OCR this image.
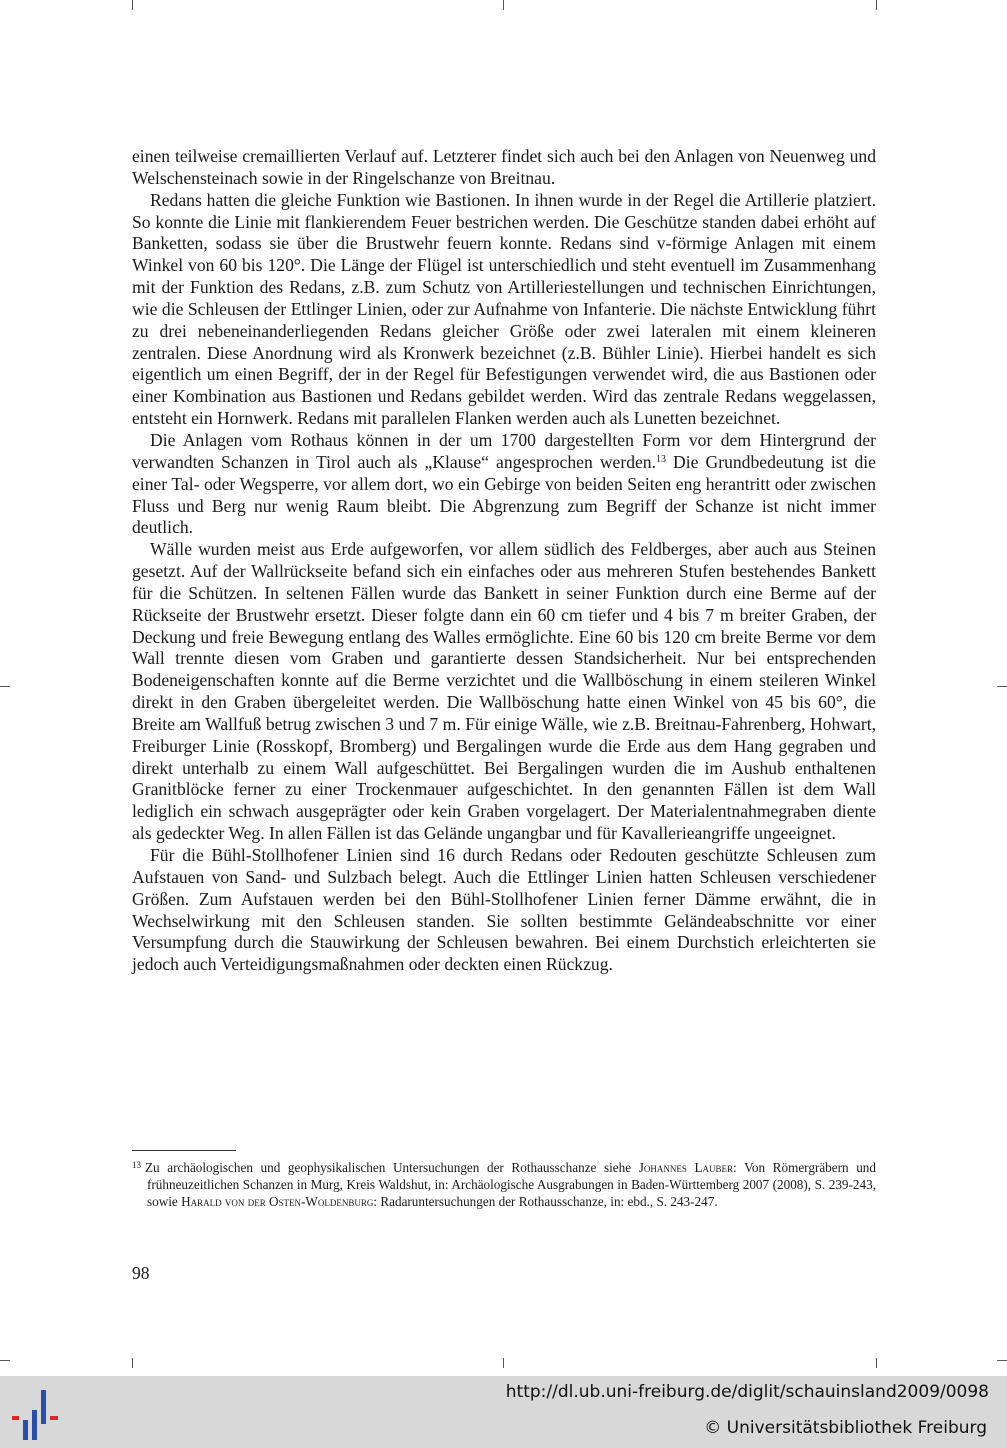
einen teilweise cremaillierten Verlauf auf. Letzterer findet sich auch bei den Anlagen von Neuenweg und Welschensteinach sowie in der Ringelschanze von Breitnau.

Redans hatten die gleiche Funktion wie Bastionen. In ihnen wurde in der Regel die Artillerie platziert. So konnte die Linie mit flankierendem Feuer bestrichen werden. Die Geschütze standen dabei erhöht auf Banketten, sodass sie über die Brustwehr feuern konnte. Redans sind v-förmige Anlagen mit einem Winkel von 60 bis 120°. Die Länge der Flügel ist unterschiedlich und steht eventuell im Zusammenhang mit der Funktion des Redans, z.B. zum Schutz von Artilleriestellungen und technischen Einrichtungen, wie die Schleusen der Ettlinger Linien, oder zur Aufnahme von Infanterie. Die nächste Entwicklung führt zu drei nebeneinanderliegenden Redans gleicher Größe oder zwei lateralen mit einem kleineren zentralen. Diese Anordnung wird als Kronwerk bezeichnet (z.B. Bühler Linie). Hierbei handelt es sich eigentlich um einen Begriff, der in der Regel für Befestigungen verwendet wird, die aus Bastionen oder einer Kombination aus Bastionen und Redans gebildet werden. Wird das zentrale Redans weggelassen, entsteht ein Hornwerk. Redans mit parallelen Flanken werden auch als Lunetten bezeichnet.

Die Anlagen vom Rothaus können in der um 1700 dargestellten Form vor dem Hintergrund der verwandten Schanzen in Tirol auch als „Klause“ angesprochen werden.$^{13}$ Die Grundbedeutung ist die einer Tal- oder Wegsperre, vor allem dort, wo ein Gebirge von beiden Seiten eng herantritt oder zwischen Fluss und Berg nur wenig Raum bleibt. Die Abgrenzung zum Begriff der Schanze ist nicht immer deutlich.

Wälle wurden meist aus Erde aufgeworfen, vor allem südlich des Feldberges, aber auch aus Steinen gesetzt. Auf der Wallrückseite befand sich ein einfaches oder aus mehreren Stufen bestehendes Bankett für die Schützen. In seltenen Fällen wurde das Bankett in seiner Funktion durch eine Berme auf der Rückseite der Brustwehr ersetzt. Dieser folgte dann ein 60 cm tiefer und 4 bis 7 m breiter Graben, der Deckung und freie Bewegung entlang des Walles ermöglichte. Eine 60 bis 120 cm breite Berme vor dem Wall trennte diesen vom Graben und garantierte dessen Standsicherheit. Nur bei entsprechenden Bodeneigenschaften konnte auf die Berme verzichtet und die Wallböschung in einem steileren Winkel direkt in den Graben übergeleitet werden. Die Wallböschung hatte einen Winkel von 45 bis 60°, die Breite am Wallfuß betrug zwischen 3 und 7 m. Für einige Wälle, wie z.B. Breitnau-Fahrenberg, Hohwart, Freiburger Linie (Rosskopf, Bromberg) und Bergalingen wurde die Erde aus dem Hang gegraben und direkt unterhalb zu einem Wall aufgeschüttet. Bei Bergalingen wurden die im Aushub enthaltenen Granitblöcke ferner zu einer Trockenmauer aufgeschichtet. In den genannten Fällen ist dem Wall lediglich ein schwach ausgeprägter oder kein Graben vorgelagert. Der Materialentnahmegraben diente als gedeckter Weg. In allen Fällen ist das Gelände ungangbar und für Kavallerieangriffe ungeeignet.

Für die Bühl-Stollhofener Linien sind 16 durch Redans oder Redouten geschützte Schleusen zum Aufstauen von Sand- und Sulzbach belegt. Auch die Ettlinger Linien hatten Schleusen verschiedener Größen. Zum Aufstauen werden bei den Bühl-Stollhofener Linien ferner Dämme erwähnt, die in Wechselwirkung mit den Schleusen standen. Sie sollten bestimmte Geländeabschnitte vor einer Versumpfung durch die Stauwirkung der Schleusen bewahren. Bei einem Durchstich erleichterten sie jedoch auch Verteidigungsmaßnahmen oder deckten einen Rückzug.

$^{13}$ Zu archäologischen und geophysikalischen Untersuchungen der Rothausschanze siehe Johannes Lauber: Von Römergräbern und frühneuzeitlichen Schanzen in Murg, Kreis Waldshut, in: Archäologische Ausgrabungen in Baden-Württemberg 2007 (2008), S. 239-243, sowie Harald von der Osten-Woldenburg: Radaruntersuchungen der Rothausschanze, in: ebd., S. 243-247.
98
http://dl.ub.uni-freiburg.de/diglit/schauinsland2009/0098
© Universitätsbibliothek Freiburg
